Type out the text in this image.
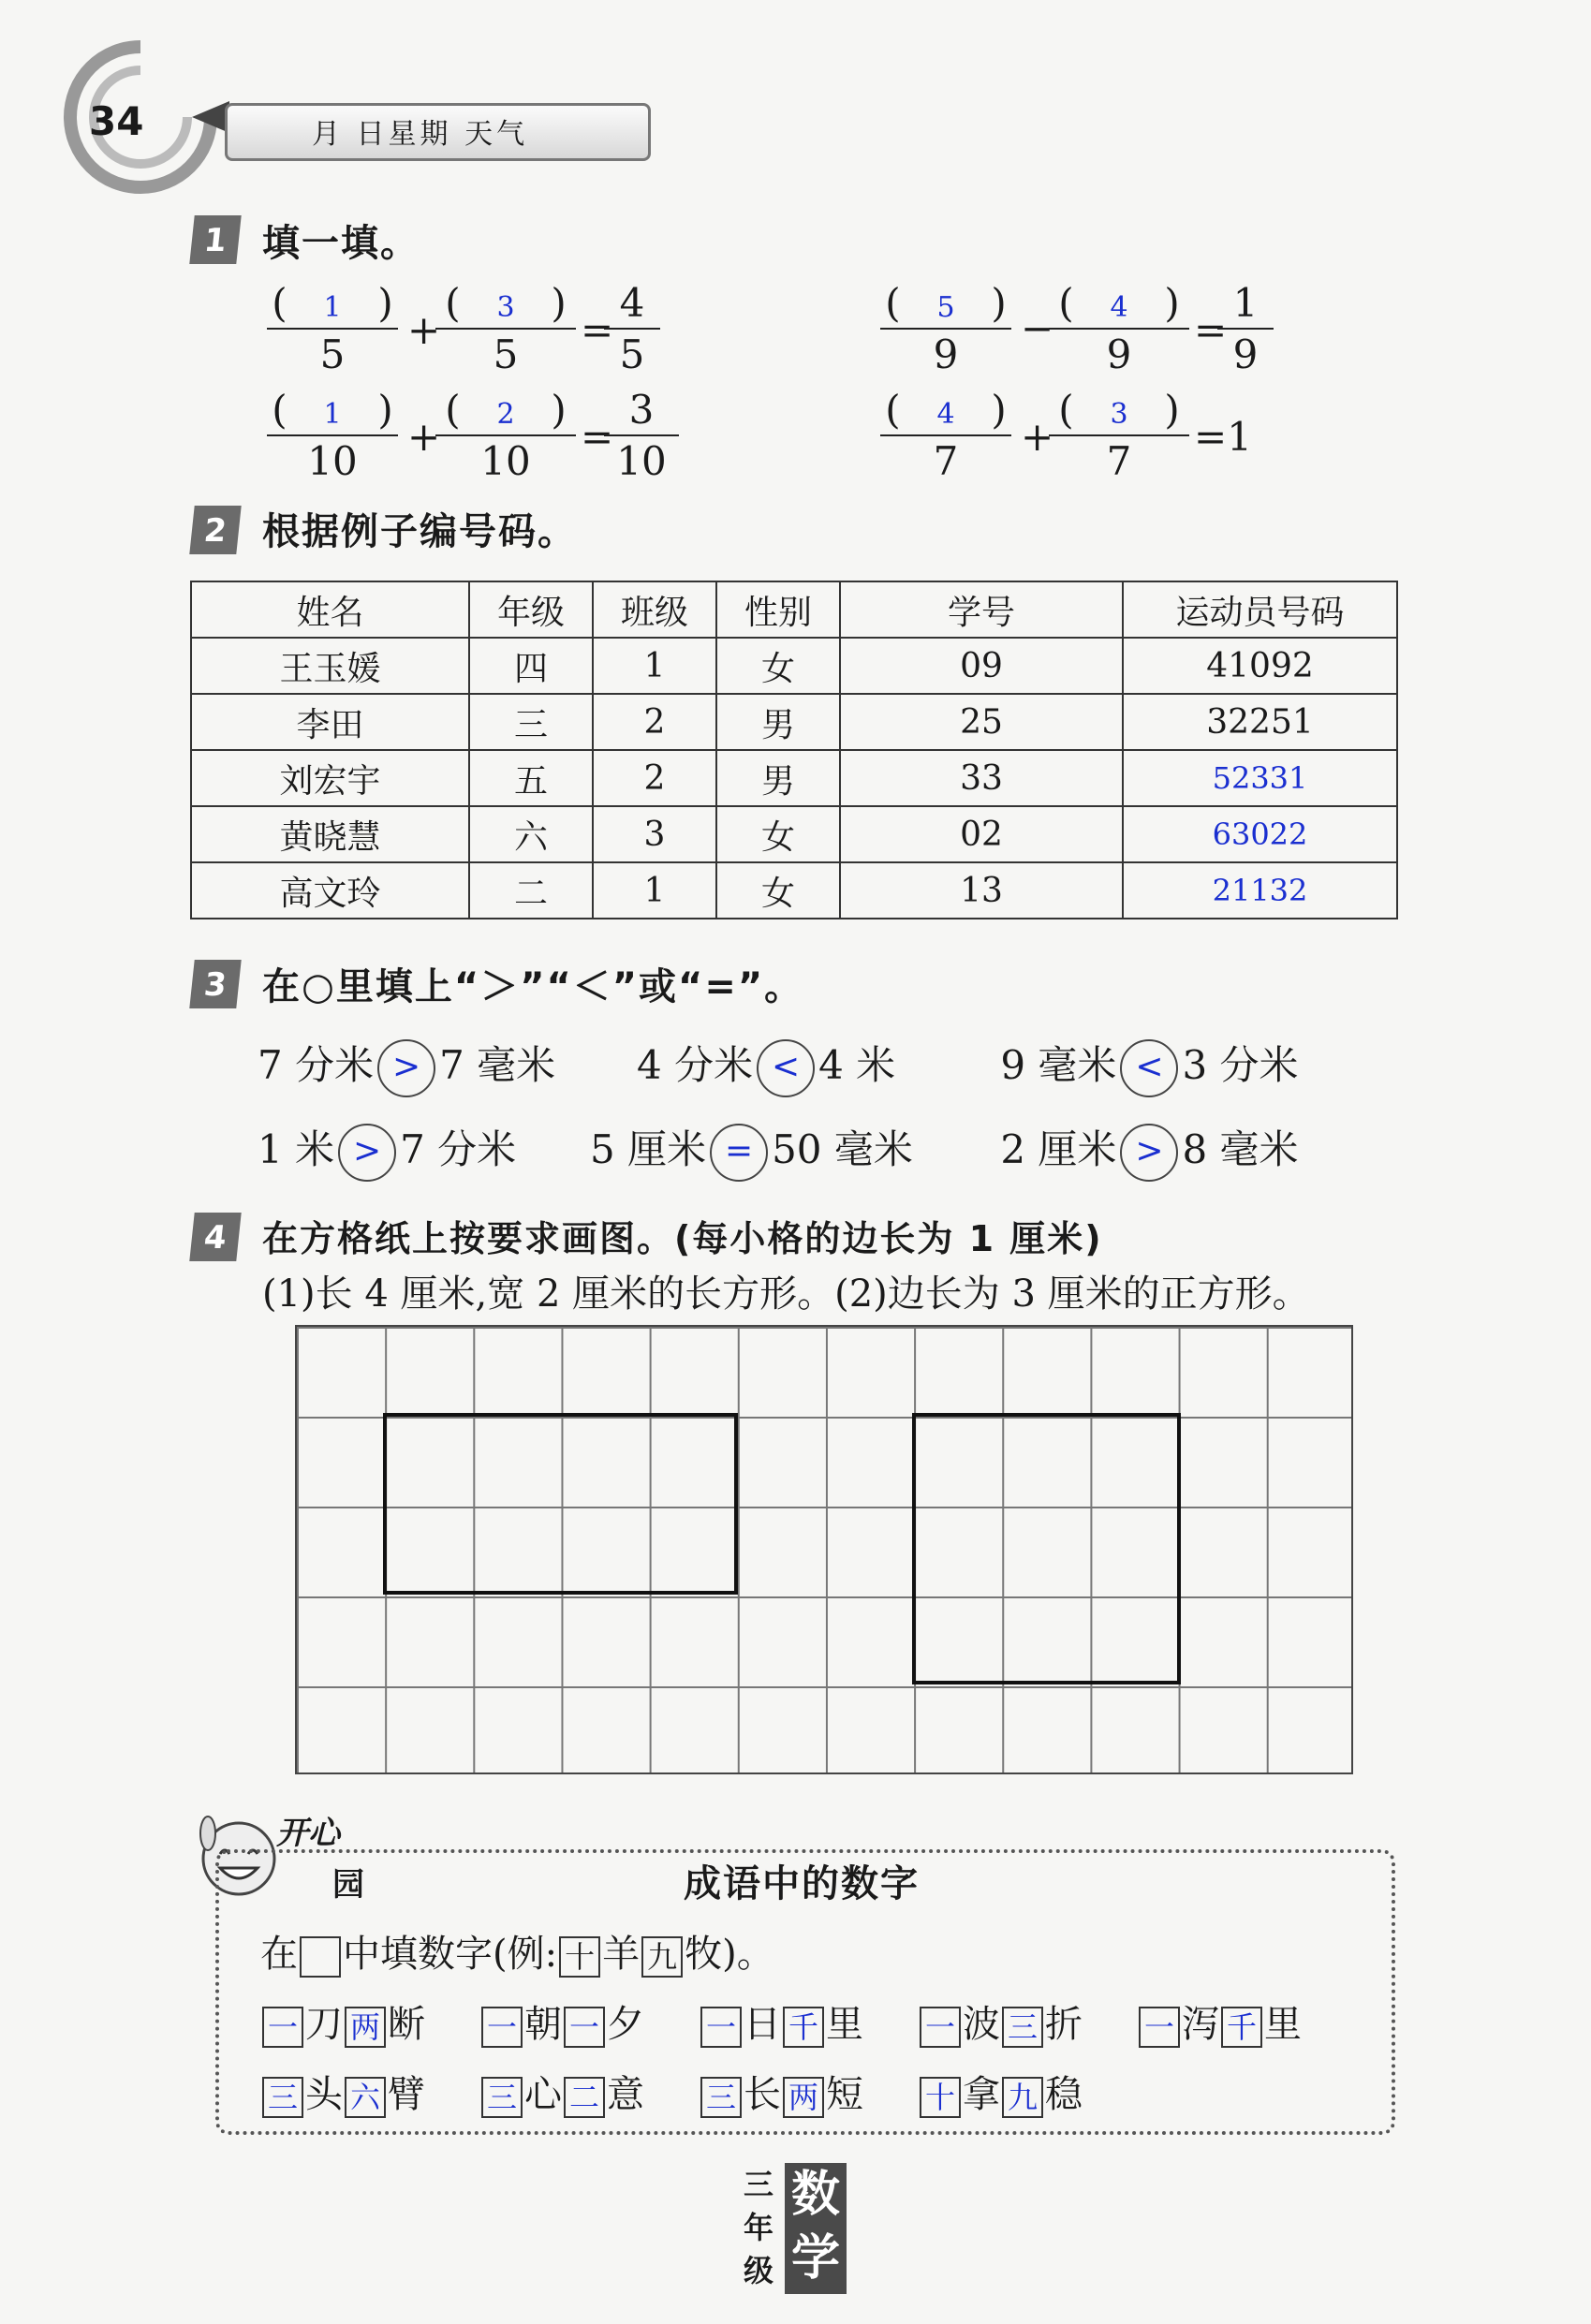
34	月 日星期 天气
1 填一填。
( 1 )
5
+
( 3 )
5
=
4
5
( 5 )
9
−
( 4 )
9
=
1
9
( 1 )
10
+
( 2 )
10
=
3
10
( 4 )
7
+
( 3 )
7
=1
2 根据例子编号码。
姓名	年级	班级	性别	学号	运动员号码
王玉媛	四	1	女	09	41092
李田	三	2	男	25	32251
刘宏宇	五	2	男	33	52331
黄晓慧	六	3	女	02	63022
高文玲	二	1	女	13	21132
3 在○里填上“＞”“＜”或“=”。
7 分米 > 7 毫米 4 分米 < 4 米	9 毫米 < 3 分米
1 米 > 7 分米 5 厘米 = 50 毫米 2 厘米 > 8 毫米
4 在方格纸上按要求画图。(每小格的边长为 1 厘米)
(1)长 4 厘米,宽 2 厘米的长方形。(2)边长为 3 厘米的正方形。
开心
园	成语中的数字
在 中填数字(例: 十 羊 九 牧)。
一 刀 两 断 一 朝 一 夕 一 日 千 里 一 波 三 折 一 泻 千 里
三 头 六 臂 三 心 二 意 三 长 两 短 十 拿 九 稳
三
年
级
数
学
